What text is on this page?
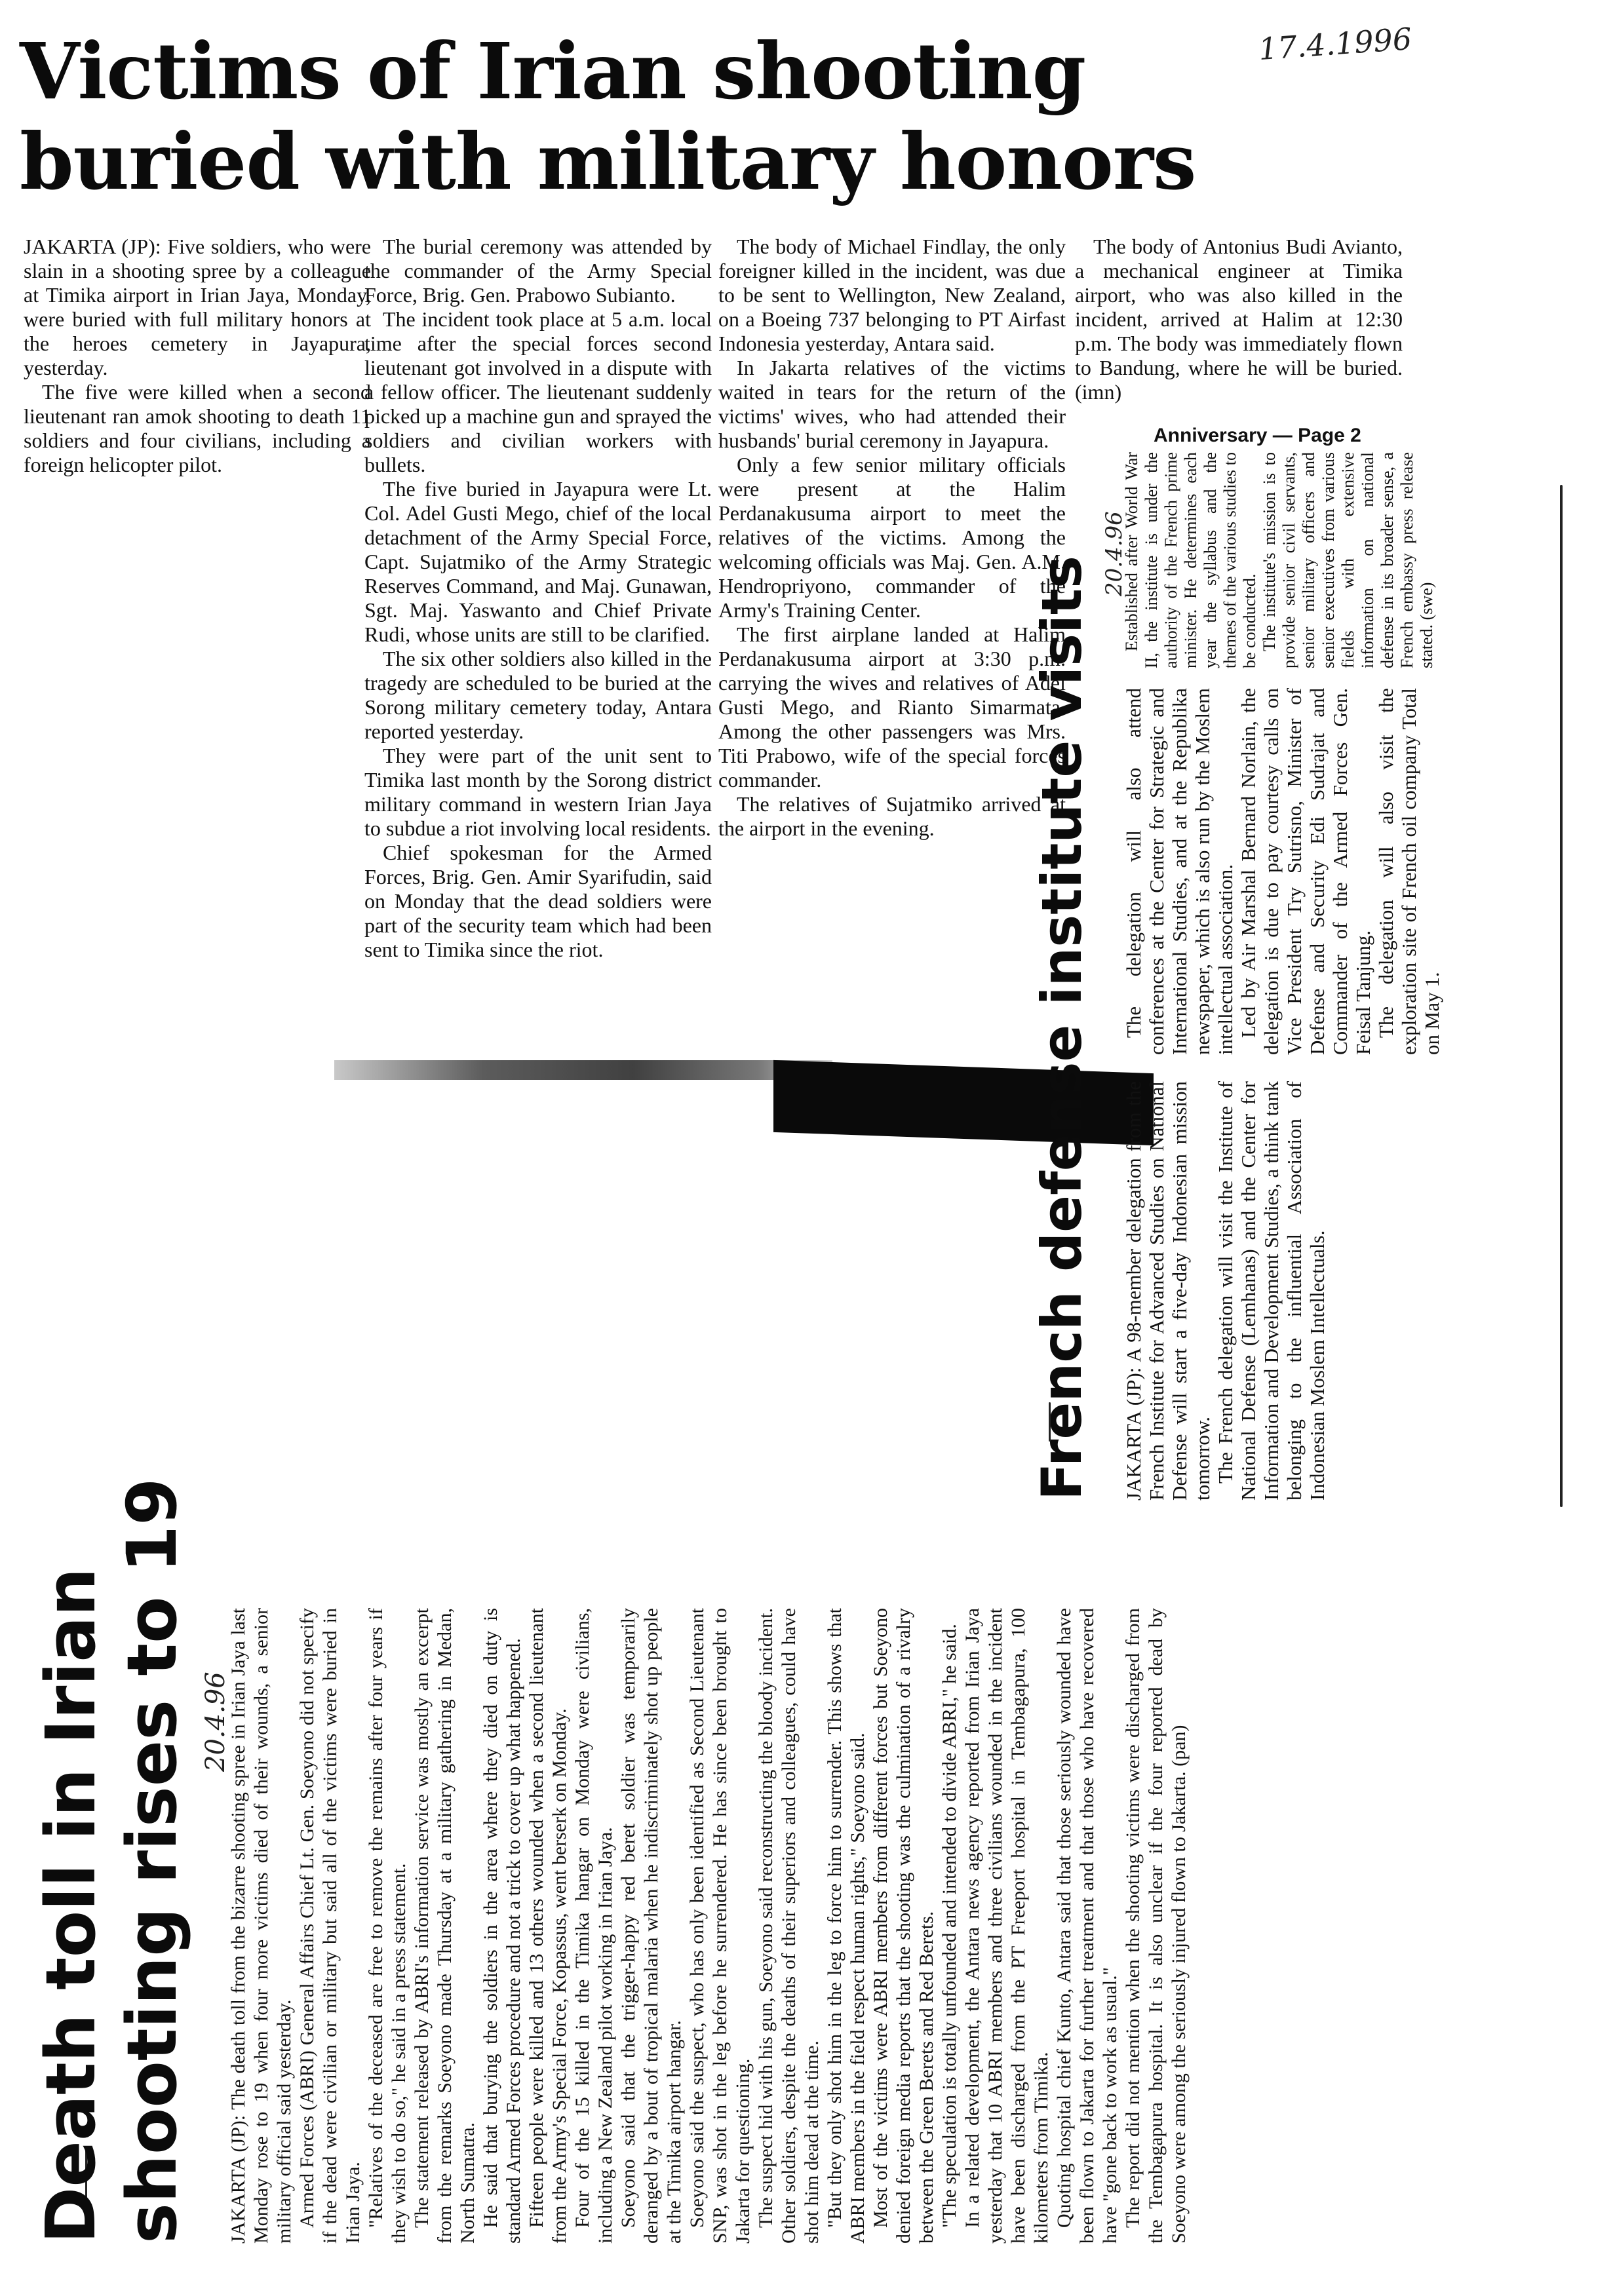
17.4.1996
Victims of Irian shooting
buried with military honors

JAKARTA (JP): Five soldiers, who were slain in a shooting spree by a colleague at Timika airport in Irian Jaya, Monday, were buried with full military honors at the heroes cemetery in Jayapura, yesterday.

The five were killed when a second lieutenant ran amok shooting to death 11 soldiers and four civilians, including a foreign helicopter pilot.

The burial ceremony was attended by the commander of the Army Special Force, Brig. Gen. Prabowo Subianto.

The incident took place at 5 a.m. local time after the special forces second lieutenant got involved in a dispute with a fellow officer. The lieutenant suddenly picked up a machine gun and sprayed the soldiers and civilian workers with bullets.

The five buried in Jayapura were Lt. Col. Adel Gusti Mego, chief of the local detachment of the Army Special Force, Capt. Sujatmiko of the Army Strategic Reserves Command, and Maj. Gunawan, Sgt. Maj. Yaswanto and Chief Private Rudi, whose units are still to be clarified.

The six other soldiers also killed in the tragedy are scheduled to be buried at the Sorong military cemetery today, Antara reported yesterday.

They were part of the unit sent to Timika last month by the Sorong district military command in western Irian Jaya to subdue a riot involving local residents.

Chief spokesman for the Armed Forces, Brig. Gen. Amir Syarifudin, said on Monday that the dead soldiers were part of the security team which had been sent to Timika since the riot.

The body of Michael Findlay, the only foreigner killed in the incident, was due to be sent to Wellington, New Zealand, on a Boeing 737 belonging to PT Airfast Indonesia yesterday, Antara said.

In Jakarta relatives of the victims waited in tears for the return of the victims' wives, who had attended their husbands' burial ceremony in Jayapura.

Only a few senior military officials were present at the Halim Perdanakusuma airport to meet the relatives of the victims. Among the welcoming officials was Maj. Gen. A.M. Hendropriyono, commander of the Army's Training Center.

The first airplane landed at Halim Perdanakusuma airport at 3:30 p.m. carrying the wives and relatives of Adel Gusti Mego, and Rianto Simarmata. Among the other passengers was Mrs. Titi Prabowo, wife of the special forces commander.

The relatives of Sujatmiko arrived at the airport in the evening.

The body of Antonius Budi Avianto, a mechanical engineer at Timika airport, who was also killed in the incident, arrived at Halim at 12:30 p.m. The body was immediately flown to Bandung, where he will be buried. (imn)

Anniversary — Page 2
French defense institute visits
20.4.96

JAKARTA (JP): A 98-member delegation from the French Institute for Advanced Studies on National Defense will start a five-day Indonesian mission tomorrow. The French delegation will visit the Institute of National Defense (Lemhanas) and the Center for Information and Development Studies, a think tank belonging to the influential Association of Indonesian Moslem Intellectuals.

The delegation will also attend conferences at the Center for Strategic and International Studies, and at the Republika newspaper, which is also run by the Moslem intellectual association. Led by Air Marshal Bernard Norlain, the delegation is due to pay courtesy calls on Vice President Try Sutrisno, Minister of Defense and Security Edi Sudrajat and Commander of the Armed Forces Gen. Feisal Tanjung. The delegation will also visit the exploration site of French oil company Total on May 1.

Established after World War II, the institute is under the authority of the French prime minister. He determines each year the syllabus and the themes of the various studies to be conducted. The institute's mission is to provide senior civil servants, senior military officers and senior executives from various fields with extensive information on national defense in its broader sense, a French embassy press release stated. (swe)

Death toll in Irian shooting rises to 19 20.4.96

JAKARTA (JP): The death toll from the bizarre shooting spree in Irian Jaya last Monday rose to 19 when four more victims died of their wounds, a senior military official said yesterday. Armed Forces (ABRI) General Affairs Chief Lt. Gen. Soeyono did not specify if the dead were civilian or military but said all of the victims were buried in Irian Jaya. "Relatives of the deceased are free to remove the remains after four years if they wish to do so," he said in a press statement. The statement released by ABRI's information service was mostly an excerpt from the remarks Soeyono made Thursday at a military gathering in Medan, North Sumatra. He said that burying the soldiers in the area where they died on duty is standard Armed Forces procedure and not a trick to cover up what happened. Fifteen people were killed and 13 others wounded when a second lieutenant from the Army's Special Force, Kopassus, went berserk on Monday. Four of the 15 killed in the Timika hangar on Monday were civilians, including a New Zealand pilot working in Irian Jaya. Soeyono said that the trigger-happy red beret soldier was temporarily deranged by a bout of tropical malaria when he indiscriminately shot up people at the Timika airport hangar. Soeyono said the suspect, who has only been identified as Second Lieutenant SNP, was shot in the leg before he surrendered. He has since been brought to Jakarta for questioning. The suspect hid with his gun, Soeyono said reconstructing the bloody incident. Other soldiers, despite the deaths of their superiors and colleagues, could have shot him dead at the time. "But they only shot him in the leg to force him to surrender. This shows that ABRI members in the field respect human rights," Soeyono said. Most of the victims were ABRI members from different forces but Soeyono denied foreign media reports that the shooting was the culmination of a rivalry between the Green Berets and Red Berets. "The speculation is totally unfounded and intended to divide ABRI," he said. In a related development, the Antara news agency reported from Irian Jaya yesterday that 10 ABRI members and three civilians wounded in the incident have been discharged from the PT Freeport hospital in Tembagapura, 100 kilometers from Timika. Quoting hospital chief Kunto, Antara said that those seriously wounded have been flown to Jakarta for further treatment and that those who have recovered have "gone back to work as usual." The report did not mention when the shooting victims were discharged from the Tembagapura hospital. It is also unclear if the four reported dead by Soeyono were among the seriously injured flown to Jakarta. (pan)
